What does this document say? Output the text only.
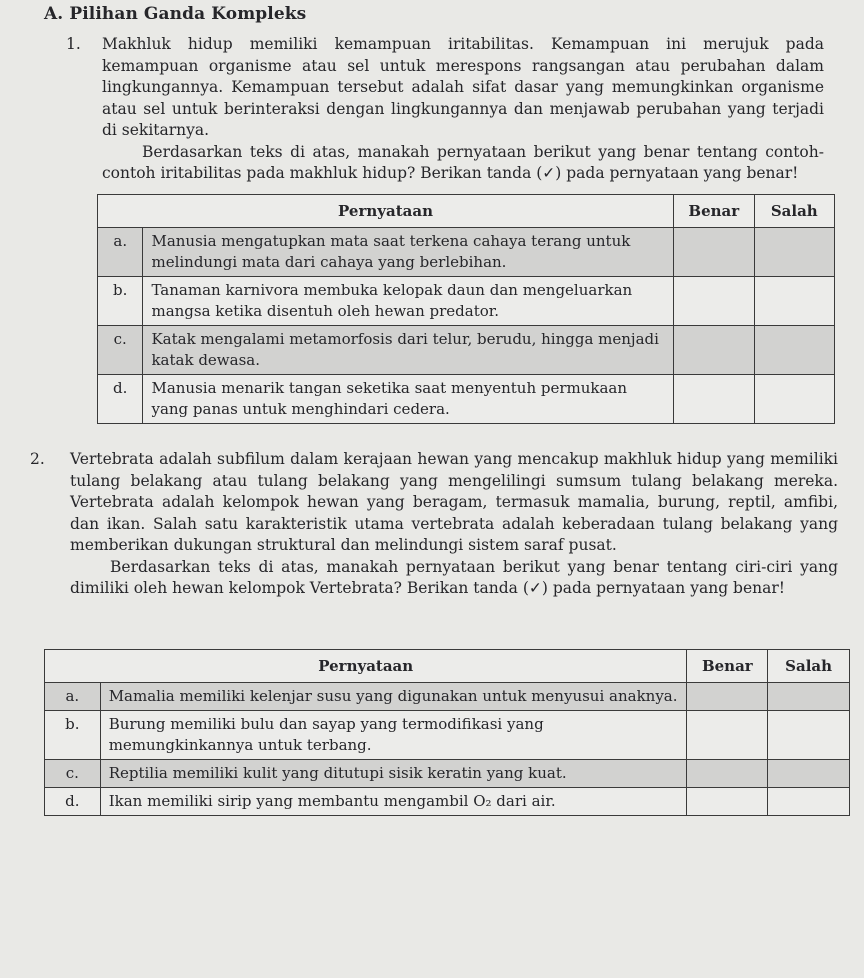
A. Pilihan Ganda Kompleks
1. Makhluk hidup memiliki kemampuan iritabilitas. Kemampuan ini merujuk pada kemampuan organisme atau sel untuk merespons rangsangan atau perubahan dalam lingkungannya. Kemampuan tersebut adalah sifat dasar yang memungkinkan organisme atau sel untuk berinteraksi dengan lingkungannya dan menjawab perubahan yang terjadi di sekitarnya.

Berdasarkan teks di atas, manakah pernyataan berikut yang benar tentang contoh-contoh iritabilitas pada makhluk hidup? Berikan tanda (✓) pada pernyataan yang benar!

Pernyataan		Benar	Salah
a.	Manusia mengatupkan mata saat terkena cahaya terang untuk melindungi mata dari cahaya yang berlebihan.		
b.	Tanaman karnivora membuka kelopak daun dan mengeluarkan mangsa ketika disentuh oleh hewan predator.		
c.	Katak mengalami metamorfosis dari telur, berudu, hingga menjadi katak dewasa.		
d.	Manusia menarik tangan seketika saat menyentuh permukaan yang panas untuk menghindari cedera.		
2. Vertebrata adalah subfilum dalam kerajaan hewan yang mencakup makhluk hidup yang memiliki tulang belakang atau tulang belakang yang mengelilingi sumsum tulang belakang mereka. Vertebrata adalah kelompok hewan yang beragam, termasuk mamalia, burung, reptil, amfibi, dan ikan. Salah satu karakteristik utama vertebrata adalah keberadaan tulang belakang yang memberikan dukungan struktural dan melindungi sistem saraf pusat.

Berdasarkan teks di atas, manakah pernyataan berikut yang benar tentang ciri-ciri yang dimiliki oleh hewan kelompok Vertebrata? Berikan tanda (✓) pada pernyataan yang benar!

Pernyataan		Benar	Salah
a.	Mamalia memiliki kelenjar susu yang digunakan untuk menyusui anaknya.		
b.	Burung memiliki bulu dan sayap yang termodifikasi yang memungkinkannya untuk terbang.		
c.	Reptilia memiliki kulit yang ditutupi sisik keratin yang kuat.		
d.	Ikan memiliki sirip yang membantu mengambil O₂ dari air.		
